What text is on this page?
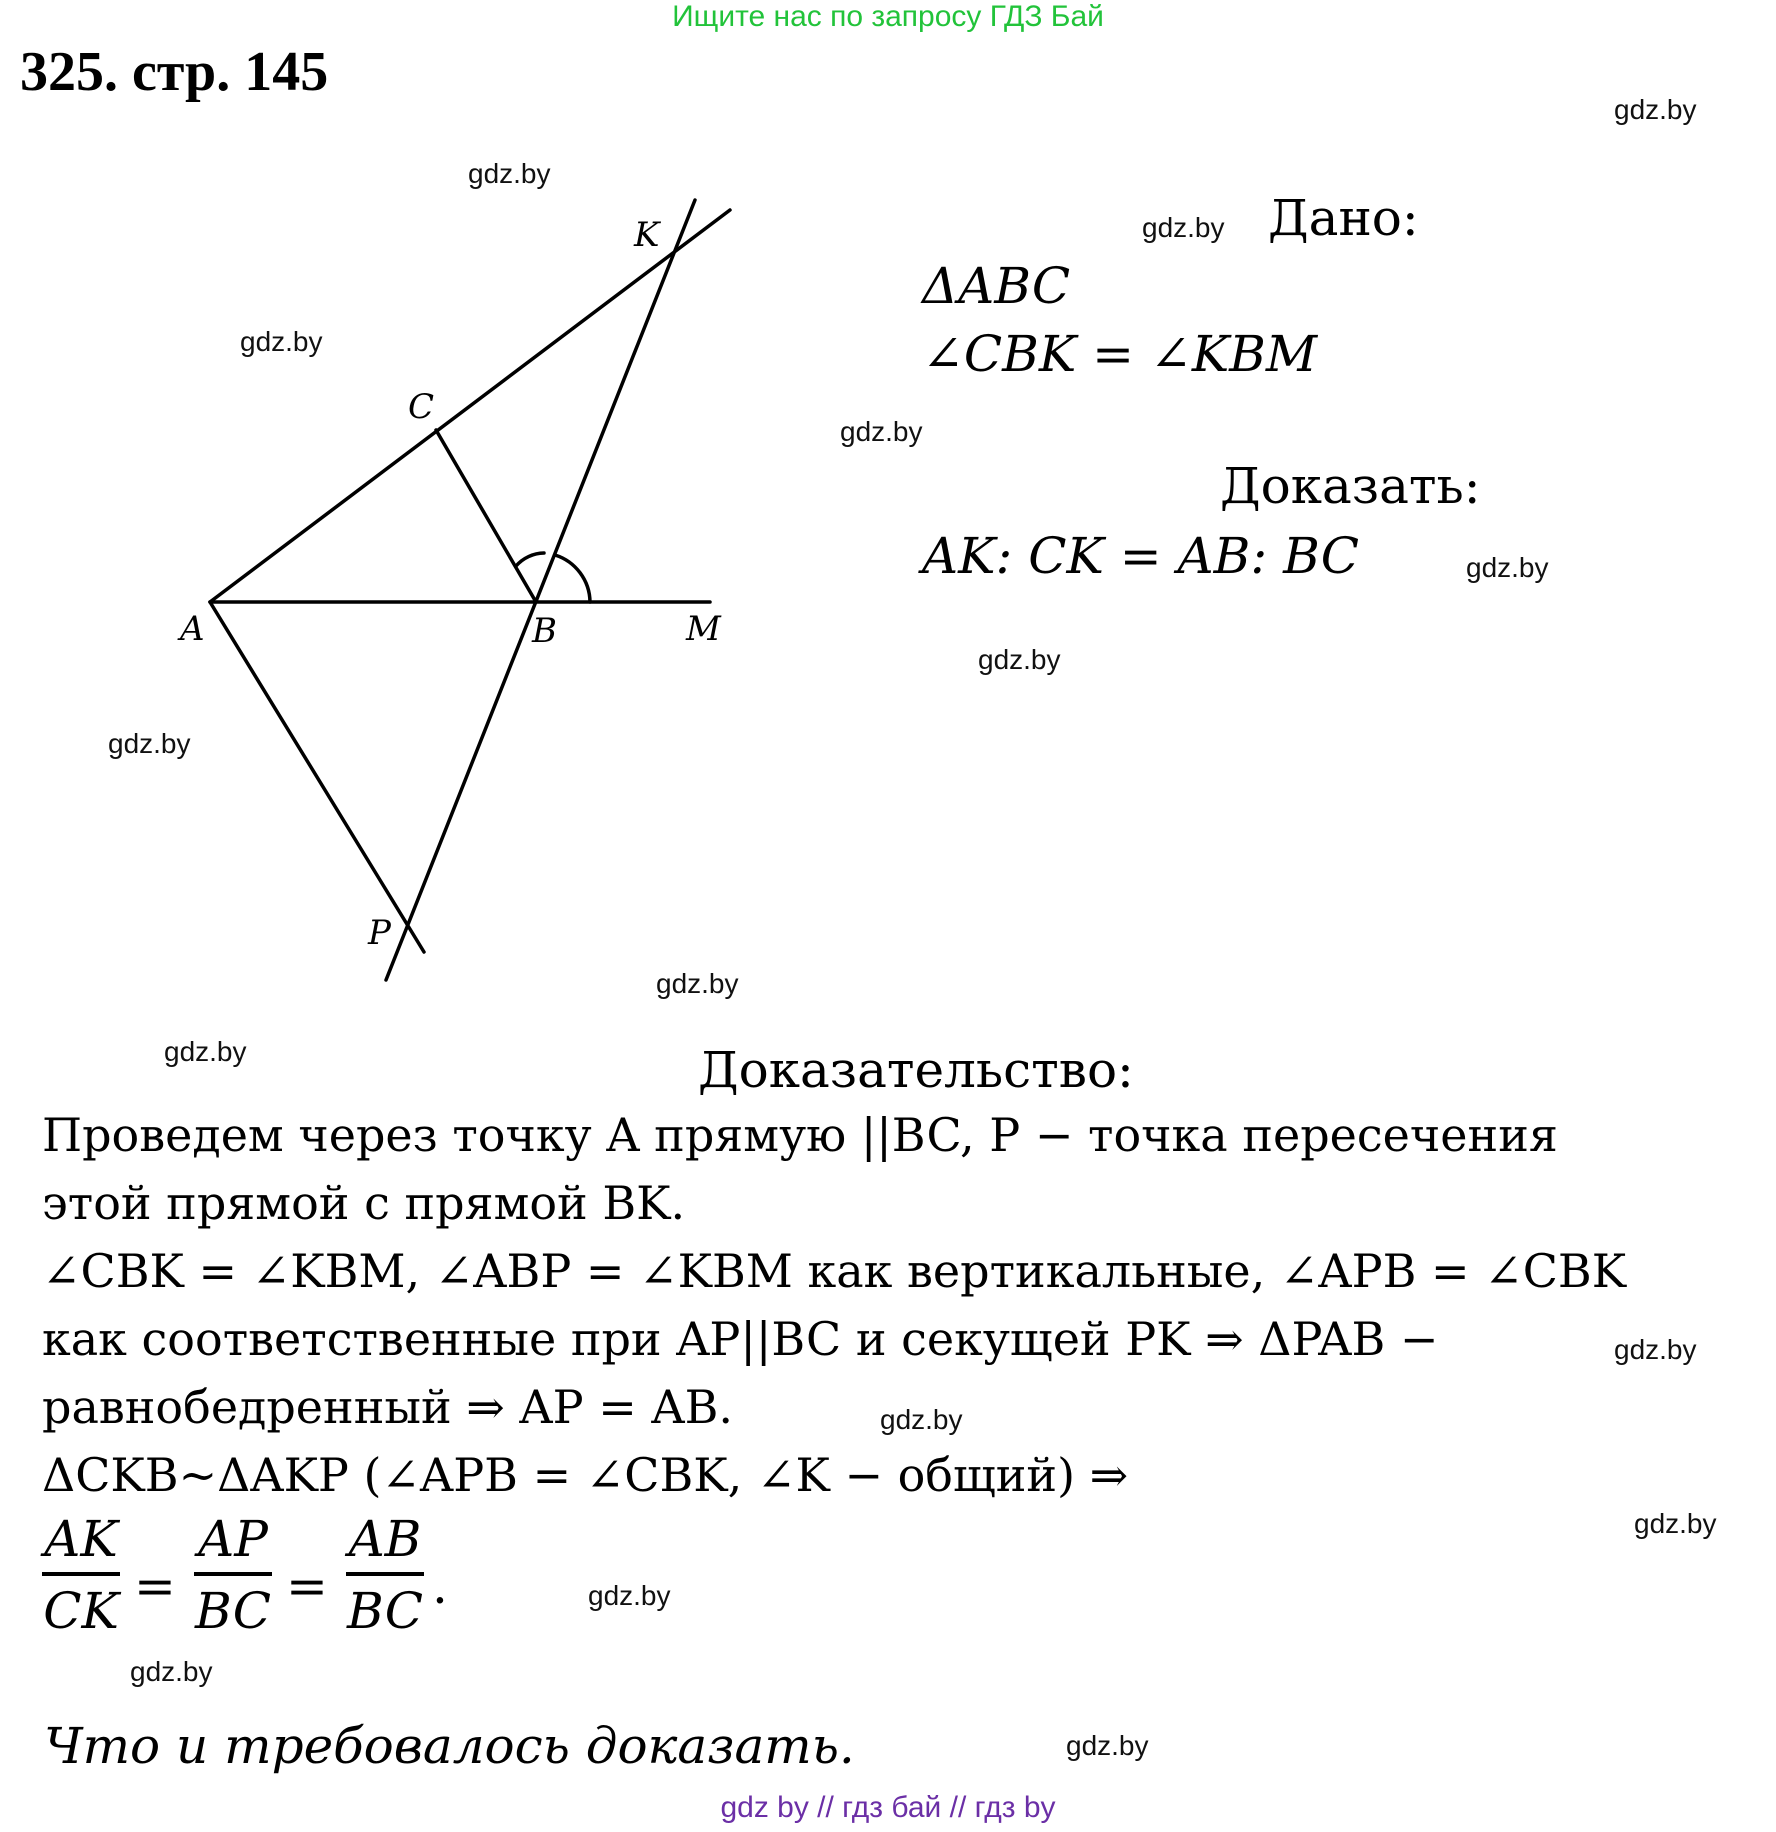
Ищите нас по запросу ГДЗ Бай
325. стр. 145
gdz.by
gdz.by
gdz.by
gdz.by
gdz.by
gdz.by
gdz.by
gdz.by
gdz.by
gdz.by
gdz.by
gdz.by
gdz.by
gdz.by
gdz.by
gdz.by
K
C
A	B	M
P
Дано:
ΔABC
∠CBK = ∠KBM
Доказать:
AK: CK = AB: BC
Доказательство:
Проведем через точку A прямую ||BC, P − точка пересечения
этой прямой с прямой BK.
∠CBK = ∠KBM, ∠ABP = ∠KBM как вертикальные, ∠APB = ∠CBK
как соответственные при AP||BC и секущей PK ⇒ ΔPAB −
равнобедренный ⇒ AP = AB.
ΔCKB~ΔAKP (∠APB = ∠CBK, ∠K − общий) ⇒
AK
CK =
AP
BC =
AB
BC .
Что и требовалось доказать.
gdz by // гдз бай // гдз by
